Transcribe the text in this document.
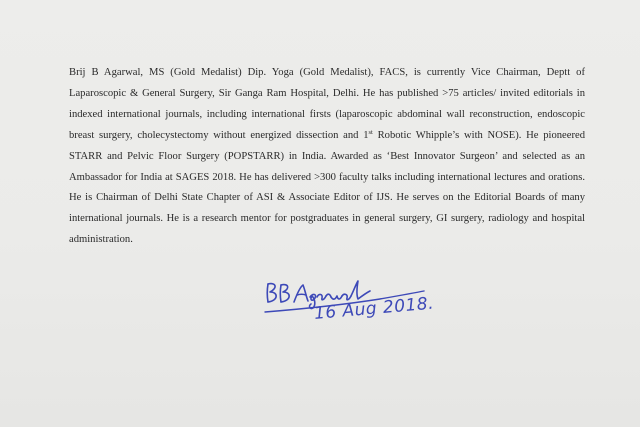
Brij B Agarwal, MS (Gold Medalist) Dip. Yoga (Gold Medalist), FACS, is currently Vice Chairman, Deptt of Laparoscopic & General Surgery, Sir Ganga Ram Hospital, Delhi. He has published >75 articles/ invited editorials in indexed international journals, including international firsts (laparoscopic abdominal wall reconstruction, endoscopic breast surgery, cholecystectomy without energized dissection and 1st Robotic Whipple’s with NOSE). He pioneered STARR and Pelvic Floor Surgery (POPSTARR) in India. Awarded as ‘Best Innovator Surgeon’ and selected as an Ambassador for India at SAGES 2018. He has delivered >300 faculty talks including international lectures and orations. He is Chairman of Delhi State Chapter of ASI & Associate Editor of IJS. He serves on the Editorial Boards of many international journals. He is a research mentor for postgraduates in general surgery, GI surgery, radiology and hospital administration.

16 Aug 2018.
